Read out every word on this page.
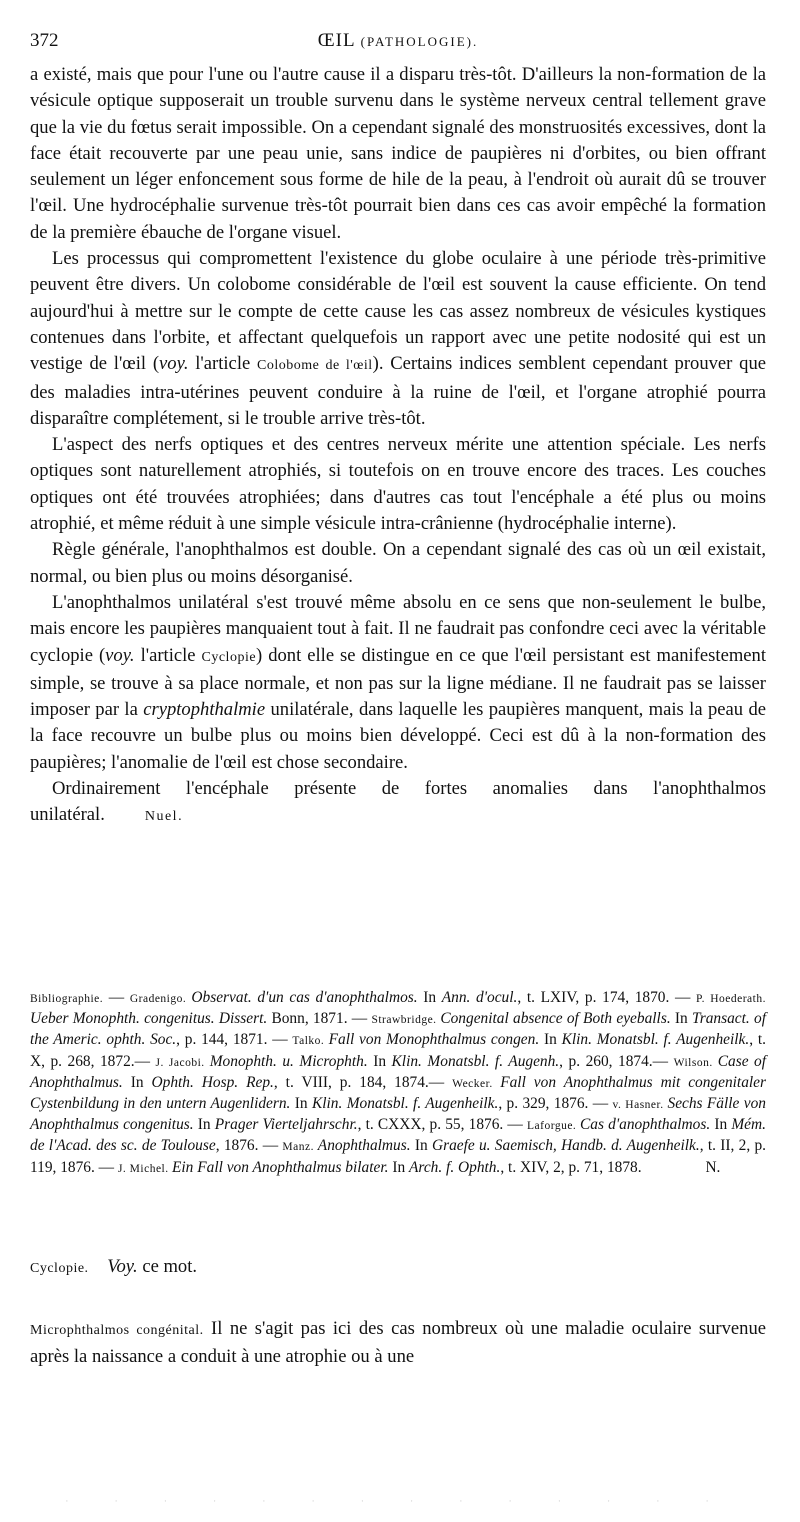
372	ŒIL (PATHOLOGIE).

a existé, mais que pour l'une ou l'autre cause il a disparu très-tôt. D'ailleurs la non-formation de la vésicule optique supposerait un trouble survenu dans le système nerveux central tellement grave que la vie du fœtus serait impossible. On a cependant signalé des monstruosités excessives, dont la face était recouverte par une peau unie, sans indice de paupières ni d'orbites, ou bien offrant seulement un léger enfoncement sous forme de hile de la peau, à l'endroit où aurait dû se trouver l'œil. Une hydrocéphalie survenue très-tôt pourrait bien dans ces cas avoir empêché la formation de la première ébauche de l'organe visuel.

Les processus qui compromettent l'existence du globe oculaire à une période très-primitive peuvent être divers. Un colobome considérable de l'œil est souvent la cause efficiente. On tend aujourd'hui à mettre sur le compte de cette cause les cas assez nombreux de vésicules kystiques contenues dans l'orbite, et affectant quelquefois un rapport avec une petite nodosité qui est un vestige de l'œil (voy. l'article Colobome de l'œil). Certains indices semblent cependant prouver que des maladies intra-utérines peuvent conduire à la ruine de l'œil, et l'organe atrophié pourra disparaître complétement, si le trouble arrive très-tôt.

L'aspect des nerfs optiques et des centres nerveux mérite une attention spéciale. Les nerfs optiques sont naturellement atrophiés, si toutefois on en trouve encore des traces. Les couches optiques ont été trouvées atrophiées; dans d'autres cas tout l'encéphale a été plus ou moins atrophié, et même réduit à une simple vésicule intra-crânienne (hydrocéphalie interne).

Règle générale, l'anophthalmos est double. On a cependant signalé des cas où un œil existait, normal, ou bien plus ou moins désorganisé.

L'anophthalmos unilatéral s'est trouvé même absolu en ce sens que non-seulement le bulbe, mais encore les paupières manquaient tout à fait. Il ne faudrait pas confondre ceci avec la véritable cyclopie (voy. l'article Cyclopie) dont elle se distingue en ce que l'œil persistant est manifestement simple, se trouve à sa place normale, et non pas sur la ligne médiane. Il ne faudrait pas se laisser imposer par la cryptophthalmie unilatérale, dans laquelle les paupières manquent, mais la peau de la face recouvre un bulbe plus ou moins bien développé. Ceci est dû à la non-formation des paupières; l'anomalie de l'œil est chose secondaire.

Ordinairement l'encéphale présente de fortes anomalies dans l'anophthalmos unilatéral.	Nuel.

Bibliographie. — Gradenigo. Observat. d'un cas d'anophthalmos. In Ann. d'ocul., t. LXIV, p. 174, 1870. — P. Hoederath. Ueber Monophth. congenitus. Dissert. Bonn, 1871. — Strawbridge. Congenital absence of Both eyeballs. In Transact. of the Americ. ophth. Soc., p. 144, 1871. — Talko. Fall von Monophthalmus congen. In Klin. Monatsbl. f. Augenheilk., t. X, p. 268, 1872.— J. Jacobi. Monophth. u. Microphth. In Klin. Monatsbl. f. Augenh., p. 260, 1874.— Wilson. Case of Anophthalmus. In Ophth. Hosp. Rep., t. VIII, p. 184, 1874.— Wecker. Fall von Anophthalmus mit congenitaler Cystenbildung in den untern Augenlidern. In Klin. Monatsbl. f. Augenheilk., p. 329, 1876. — v. Hasner. Sechs Fälle von Anophthalmus congenitus. In Prager Vierteljahrschr., t. CXXX, p. 55, 1876. — Laforgue. Cas d'anophthalmos. In Mém. de l'Acad. des sc. de Toulouse, 1876. — Manz. Anophthalmus. In Graefe u. Saemisch, Handb. d. Augenheilk., t. II, 2, p. 119, 1876. — J. Michel. Ein Fall von Anophthalmus bilater. In Arch. f. Ophth., t. XIV, 2, p. 71, 1878.	N.
Cyclopie. Voy. ce mot.
Microphthalmos congénital. Il ne s'agit pas ici des cas nombreux où une maladie oculaire survenue après la naissance a conduit à une atrophie ou à une
· · · · · · · · · · · · · ·
